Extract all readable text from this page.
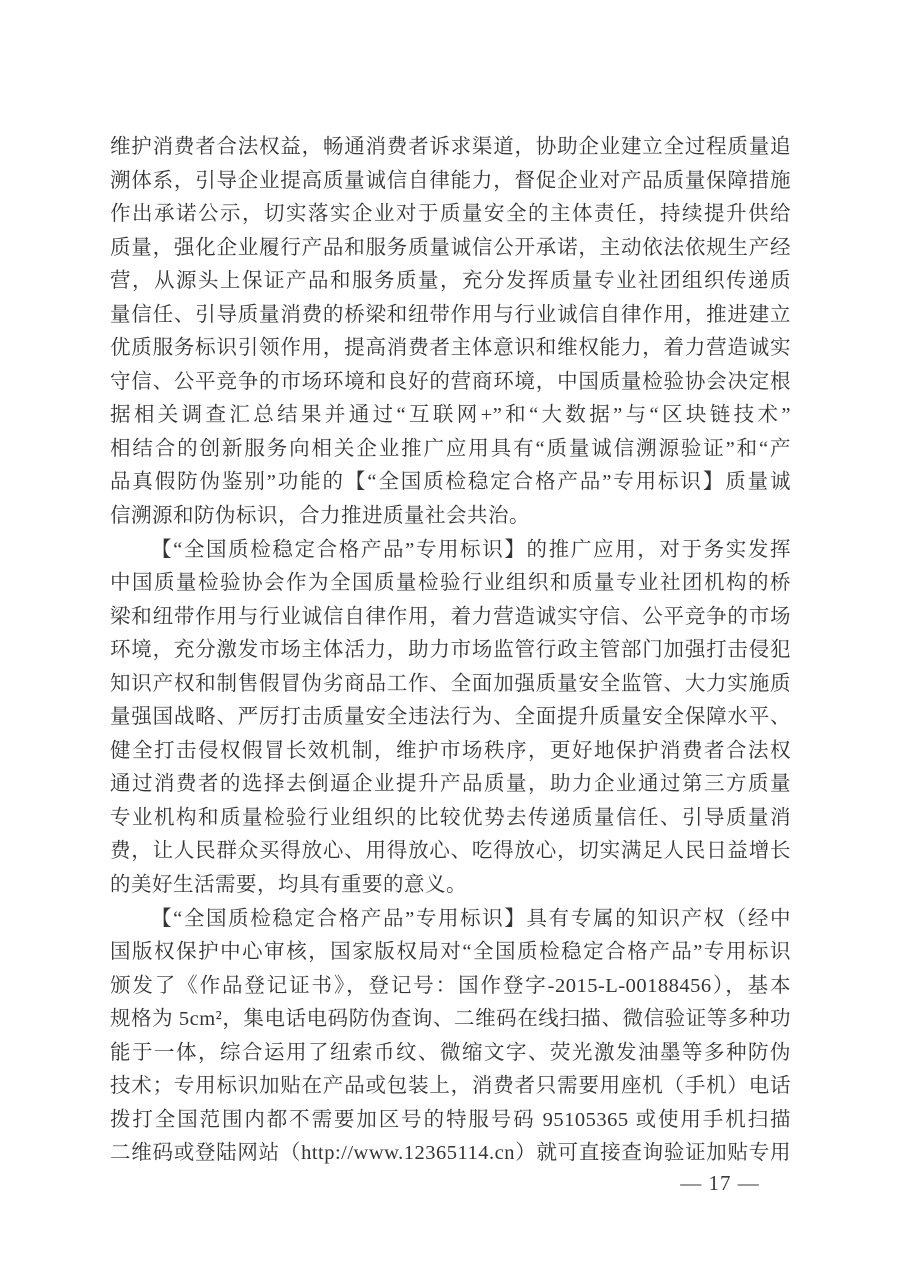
维护消费者合法权益，畅通消费者诉求渠道，协助企业建立全过程质量追
溯体系，引导企业提高质量诚信自律能力，督促企业对产品质量保障措施
作出承诺公示，切实落实企业对于质量安全的主体责任，持续提升供给
质量，强化企业履行产品和服务质量诚信公开承诺，主动依法依规生产经
营，从源头上保证产品和服务质量，充分发挥质量专业社团组织传递质
量信任、引导质量消费的桥梁和纽带作用与行业诚信自律作用，推进建立
优质服务标识引领作用，提高消费者主体意识和维权能力，着力营造诚实
守信、公平竞争的市场环境和良好的营商环境，中国质量检验协会决定根
据相关调查汇总结果并通过“互联网+”和“大数据”与“区块链技术”
相结合的创新服务向相关企业推广应用具有“质量诚信溯源验证”和“产
品真假防伪鉴别”功能的【“全国质检稳定合格产品”专用标识】质量诚
信溯源和防伪标识，合力推进质量社会共治。
【“全国质检稳定合格产品”专用标识】的推广应用，对于务实发挥
中国质量检验协会作为全国质量检验行业组织和质量专业社团机构的桥
梁和纽带作用与行业诚信自律作用，着力营造诚实守信、公平竞争的市场
环境，充分激发市场主体活力，助力市场监管行政主管部门加强打击侵犯
知识产权和制售假冒伪劣商品工作、全面加强质量安全监管、大力实施质
量强国战略、严厉打击质量安全违法行为、全面提升质量安全保障水平、
健全打击侵权假冒长效机制，维护市场秩序，更好地保护消费者合法权
通过消费者的选择去倒逼企业提升产品质量，助力企业通过第三方质量
专业机构和质量检验行业组织的比较优势去传递质量信任、引导质量消
费，让人民群众买得放心、用得放心、吃得放心，切实满足人民日益增长
的美好生活需要，均具有重要的意义。
【“全国质检稳定合格产品”专用标识】具有专属的知识产权（经中
国版权保护中心审核，国家版权局对“全国质检稳定合格产品”专用标识
颁发了《作品登记证书》，登记号：国作登字-2015-L-00188456），基本
规格为 5cm²，集电话电码防伪查询、二维码在线扫描、微信验证等多种功
能于一体，综合运用了纽索币纹、微缩文字、荧光激发油墨等多种防伪
技术；专用标识加贴在产品或包装上，消费者只需要用座机（手机）电话
拨打全国范围内都不需要加区号的特服号码 95105365 或使用手机扫描
二维码或登陆网站（http://www.12365114.cn）就可直接查询验证加贴专用
— 17 —
